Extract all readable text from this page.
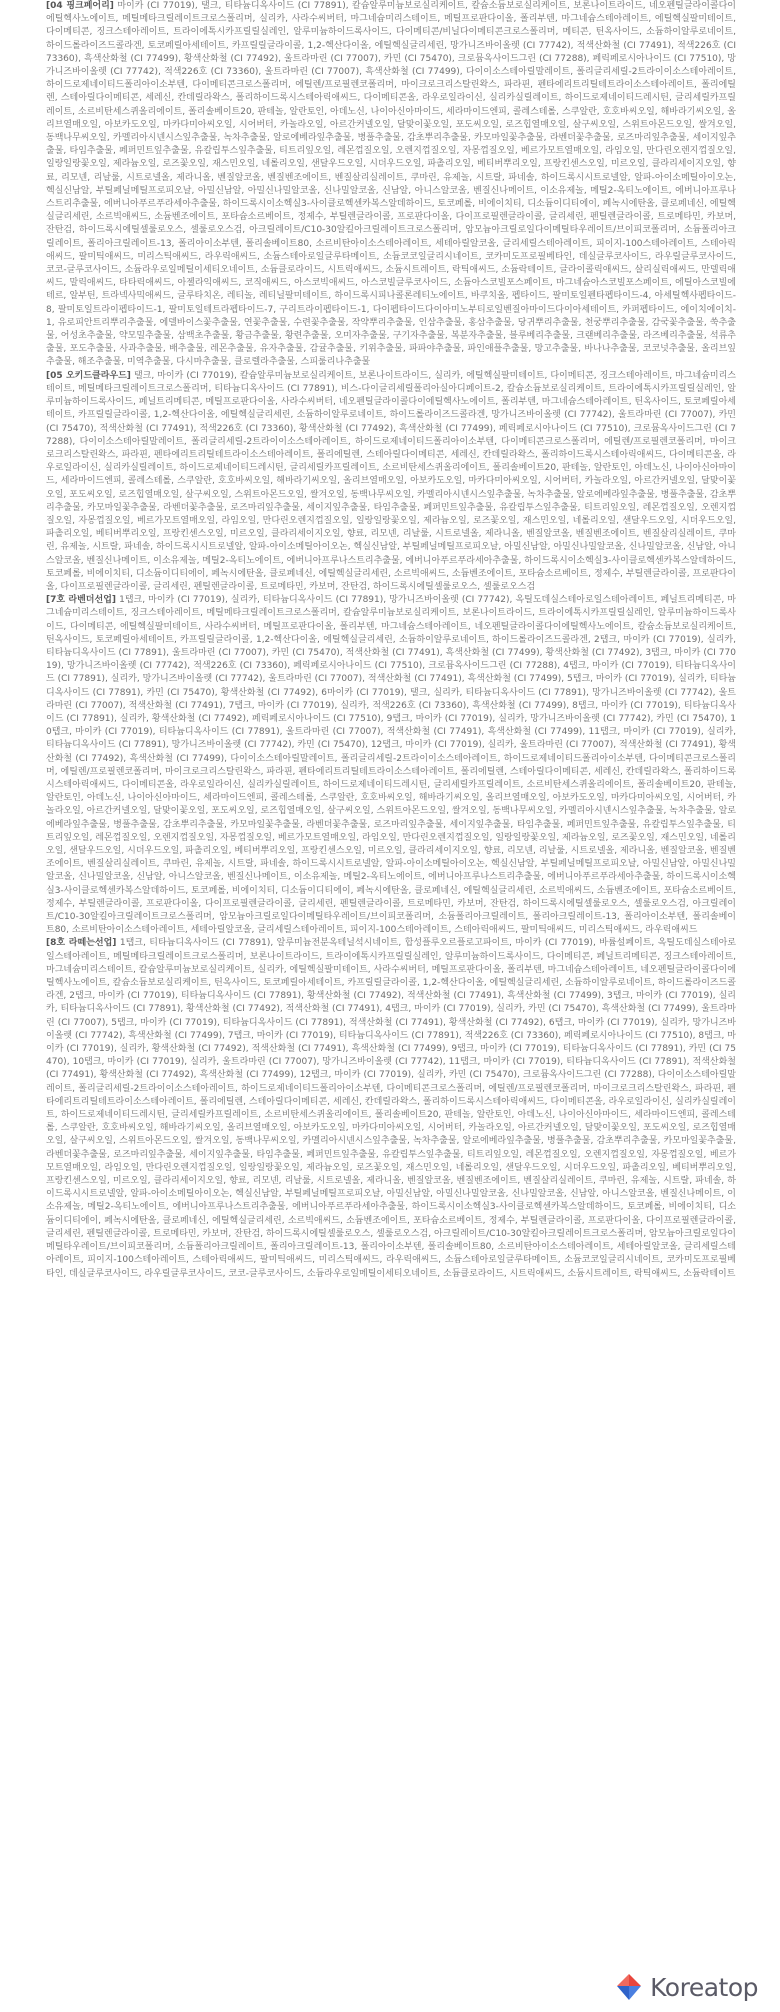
[04 핑크페어리] 마이카 (CI 77019), 탤크, 티타늄디옥사이드 (CI 77891), 칼슘알루미늄보로실리케이트, 칼슘소듐보로실리케이트, 보론나이트라이드, 네오펜틸글라이콜다이에틸헥사노에이트, 메틸메타크릴레이트크로스폴리머, 실리카, 사라수씨버터, 마그네슘미리스테이트, 메틸프로판다이올, 폴리부텐, 마그네슘스테아레이트, 에틸헥실팔미테이트, 다이메티콘, 징크스테아레이트, 트라이에톡시카프릴릴실레인, 알루미늄하이드록사이드, 다이메티콘/비닐다이메티콘크로스폴리머, 메티콘, 틴옥사이드, 소듐하이알루로네이트, 하이드롤라이즈드콜라겐, 토코페릴아세테이트, 카프릴릴글라이콜, 1,2-헥산다이올, 에틸헥실글리세린, 망가니즈바이올렛 (CI 77742), 적색산화철 (CI 77491), 적색226호 (CI 73360), 흑색산화철 (CI 77499), 황색산화철 (CI 77492), 울트라마린 (CI 77007), 카민 (CI 75470), 크로뮴옥사이드그린 (CI 77288), 페릭페로시아나이드 (CI 77510), 망가니즈바이올렛 (CI 77742), 적색226호 (CI 73360), 울트라마린 (CI 77007), 흑색산화철 (CI 77499), 다이이소스테아릴말레이트, 폴리글리세릴-2트라이이소스테아레이트, 하이드로제네이티드폴리아이소부텐, 다이메티콘크로스폴리머, 에틸렌/프로필렌코폴리머, 마이크로크리스탈린왁스, 파라핀, 펜타에리트리틸테트라이소스테아레이트, 폴리에틸렌, 스테아릴다이메티콘, 세레신, 칸데릴라왁스, 폴리하이드록시스테아릭애씨드, 다이메티콘올, 라우로일라이신, 실리카실릴레이트, 하이드로제네이티드레시틴, 글리세릴카프릴레이트, 소르비탄세스퀴올리에이트, 폴리솔베이트20, 판테놀, 알란토인, 아데노신, 나이아신아마이드, 세라마이드엔피, 콜레스테롤, 스쿠알란, 호호바씨오일, 해바라기씨오일, 올리브열매오일, 아보카도오일, 마카다미아씨오일, 시어버터, 카놀라오일, 아르간커넬오일, 달맞이꽃오일, 포도씨오일, 로즈힙열매오일, 살구씨오일, 스위트아몬드오일, 쌀겨오일, 동백나무씨오일, 카멜리아시넨시스잎추출물, 녹차추출물, 알로에베라잎추출물, 병풀추출물, 감초뿌리추출물, 카모마일꽃추출물, 라벤더꽃추출물, 로즈마리잎추출물, 세이지잎추출물, 타임추출물, 페퍼민트잎추출물, 유칼립투스잎추출물, 티트리잎오일, 레몬껍질오일, 오렌지껍질오일, 자몽껍질오일, 베르가모트열매오일, 라임오일, 만다린오렌지껍질오일, 일랑일랑꽃오일, 제라늄오일, 로즈꽃오일, 재스민오일, 네롤리오일, 샌달우드오일, 시더우드오일, 파촐리오일, 베티버뿌리오일, 프랑킨센스오일, 미르오일, 클라리세이지오일, 향료, 리모넨, 리날룰, 시트로넬올, 제라니올, 벤질알코올, 벤질벤조에이트, 벤질살리실레이트, 쿠마린, 유제놀, 시트랄, 파네솔, 하이드록시시트로넬알, 알파-아이소메틸아이오논, 헥실신남알, 부틸페닐메틸프로피오날, 아밀신남알, 아밀신나밀알코올, 신나밀알코올, 신남알, 아니스알코올, 벤질신나메이트, 이소유제놀, 메틸2-옥티노에이트, 에버니아프루나스트리추출물, 에버니아푸르푸라세아추출물, 하이드록시이소헥실3-사이클로헥센카복스알데하이드, 토코페롤, 비에이치티, 디소듐이디티에이, 페녹시에탄올, 클로페네신, 에틸헥실글리세린, 소르빅애씨드, 소듐벤조에이트, 포타슘소르베이트, 정제수, 부틸렌글라이콜, 프로판다이올, 다이프로필렌글라이콜, 글리세린, 펜틸렌글라이콜, 트로메타민, 카보머, 잔탄검, 하이드록시에틸셀룰로오스, 셀룰로오스검, 아크릴레이트/C10-30알킬아크릴레이트크로스폴리머, 암모늄아크릴로일다이메틸타우레이트/브이피코폴리머, 소듐폴리아크릴레이트, 폴리아크릴레이트-13, 폴리아이소부텐, 폴리솔베이트80, 소르비탄아이소스테아레이트, 세테아릴알코올, 글리세릴스테아레이트, 피이지-100스테아레이트, 스테아릭애씨드, 팔미틱애씨드, 미리스틱애씨드, 라우릭애씨드, 소듐스테아로일글루타메이트, 소듐코코일글리시네이트, 코카미도프로필베타인, 데실글루코사이드, 라우릴글루코사이드, 코코-글루코사이드, 소듐라우로일메틸이세티오네이트, 소듐클로라이드, 시트릭애씨드, 소듐시트레이트, 락틱애씨드, 소듐락테이트, 글라이콜릭애씨드, 살리실릭애씨드, 만델릭애씨드, 말릭애씨드, 타타릭애씨드, 아젤라익애씨드, 코직애씨드, 아스코빅애씨드, 아스코빌글루코사이드, 소듐아스코빌포스페이트, 마그네슘아스코빌포스페이트, 에틸아스코빌에테르, 알부틴, 트라넥사믹애씨드, 글루타치온, 레티놀, 레티닐팔미테이트, 하이드록시피나콜론레티노에이트, 바쿠치올, 펩타이드, 팔미토일펜타펩타이드-4, 아세틸헥사펩타이드-8, 팔미토일트라이펩타이드-1, 팔미토일테트라펩타이드-7, 구리트라이펩타이드-1, 다이펩타이드다이아미노부티로일벤질아마이드다이아세테이트, 카퍼펩타이드, 에이치에이치-1, 유로피안트리뿌리추출물, 에델바이스꽃추출물, 연꽃추출물, 수련꽃추출물, 작약뿌리추출물, 인삼추출물, 홍삼추출물, 당귀뿌리추출물, 천궁뿌리추출물, 감국꽃추출물, 쑥추출물, 어성초추출물, 약모밀추출물, 삼백초추출물, 황금추출물, 황련추출물, 오미자추출물, 구기자추출물, 복분자추출물, 블루베리추출물, 크랜베리추출물, 라즈베리추출물, 석류추출물, 포도추출물, 사과추출물, 배추출물, 레몬추출물, 유자추출물, 감귤추출물, 키위추출물, 파파야추출물, 파인애플추출물, 망고추출물, 바나나추출물, 코코넛추출물, 올리브잎추출물, 해조추출물, 미역추출물, 다시마추출물, 클로렐라추출물, 스피룰리나추출물

[05 오키드클라우드] 탤크, 마이카 (CI 77019), 칼슘알루미늄보로실리케이트, 보론나이트라이드, 실리카, 에틸헥실팔미테이트, 다이메티콘, 징크스테아레이트, 마그네슘미리스테이트, 메틸메타크릴레이트크로스폴리머, 티타늄디옥사이드 (CI 77891), 비스-다이글리세릴폴리아실아디페이트-2, 칼슘소듐보로실리케이트, 트라이에톡시카프릴릴실레인, 알루미늄하이드록사이드, 페닐트리메티콘, 메틸프로판다이올, 사라수씨버터, 네오펜틸글라이콜다이에틸헥사노에이트, 폴리부텐, 마그네슘스테아레이트, 틴옥사이드, 토코페릴아세테이트, 카프릴릴글라이콜, 1,2-헥산다이올, 에틸헥실글리세린, 소듐하이알루로네이트, 하이드롤라이즈드콜라겐, 망가니즈바이올렛 (CI 77742), 울트라마린 (CI 77007), 카민 (CI 75470), 적색산화철 (CI 77491), 적색226호 (CI 73360), 황색산화철 (CI 77492), 흑색산화철 (CI 77499), 페릭페로시아나이드 (CI 77510), 크로뮴옥사이드그린 (CI 77288), 다이이소스테아릴말레이트, 폴리글리세릴-2트라이이소스테아레이트, 하이드로제네이티드폴리아이소부텐, 다이메티콘크로스폴리머, 에틸렌/프로필렌코폴리머, 마이크로크리스탈린왁스, 파라핀, 펜타에리트리틸테트라이소스테아레이트, 폴리에틸렌, 스테아릴다이메티콘, 세레신, 칸데릴라왁스, 폴리하이드록시스테아릭애씨드, 다이메티콘올, 라우로일라이신, 실리카실릴레이트, 하이드로제네이티드레시틴, 글리세릴카프릴레이트, 소르비탄세스퀴올리에이트, 폴리솔베이트20, 판테놀, 알란토인, 아데노신, 나이아신아마이드, 세라마이드엔피, 콜레스테롤, 스쿠알란, 호호바씨오일, 해바라기씨오일, 올리브열매오일, 아보카도오일, 마카다미아씨오일, 시어버터, 카놀라오일, 아르간커넬오일, 달맞이꽃오일, 포도씨오일, 로즈힙열매오일, 살구씨오일, 스위트아몬드오일, 쌀겨오일, 동백나무씨오일, 카멜리아시넨시스잎추출물, 녹차추출물, 알로에베라잎추출물, 병풀추출물, 감초뿌리추출물, 카모마일꽃추출물, 라벤더꽃추출물, 로즈마리잎추출물, 세이지잎추출물, 타임추출물, 페퍼민트잎추출물, 유칼립투스잎추출물, 티트리잎오일, 레몬껍질오일, 오렌지껍질오일, 자몽껍질오일, 베르가모트열매오일, 라임오일, 만다린오렌지껍질오일, 일랑일랑꽃오일, 제라늄오일, 로즈꽃오일, 재스민오일, 네롤리오일, 샌달우드오일, 시더우드오일, 파촐리오일, 베티버뿌리오일, 프랑킨센스오일, 미르오일, 클라리세이지오일, 향료, 리모넨, 리날룰, 시트로넬올, 제라니올, 벤질알코올, 벤질벤조에이트, 벤질살리실레이트, 쿠마린, 유제놀, 시트랄, 파네솔, 하이드록시시트로넬알, 알파-아이소메틸아이오논, 헥실신남알, 부틸페닐메틸프로피오날, 아밀신남알, 아밀신나밀알코올, 신나밀알코올, 신남알, 아니스알코올, 벤질신나메이트, 이소유제놀, 메틸2-옥티노에이트, 에버니아프루나스트리추출물, 에버니아푸르푸라세아추출물, 하이드록시이소헥실3-사이클로헥센카복스알데하이드, 토코페롤, 비에이치티, 디소듐이디티에이, 페녹시에탄올, 클로페네신, 에틸헥실글리세린, 소르빅애씨드, 소듐벤조에이트, 포타슘소르베이트, 정제수, 부틸렌글라이콜, 프로판다이올, 다이프로필렌글라이콜, 글리세린, 펜틸렌글라이콜, 트로메타민, 카보머, 잔탄검, 하이드록시에틸셀룰로오스, 셀룰로오스검

[7호 라벤더선업] 1탭크, 마이카 (CI 77019), 실리카, 티타늄디옥사이드 (CI 77891), 망가니즈바이올렛 (CI 77742), 옥틸도데실스테아로일스테아레이트, 페닐트리메티콘, 마그네슘미리스테이트, 징크스테아레이트, 메틸메타크릴레이트크로스폴리머, 칼슘알루미늄보로실리케이트, 보론나이트라이드, 트라이에톡시카프릴릴실레인, 알루미늄하이드록사이드, 다이메티콘, 에틸헥실팔미테이트, 사라수씨버터, 메틸프로판다이올, 폴리부텐, 마그네슘스테아레이트, 네오펜틸글라이콜다이에틸헥사노에이트, 칼슘소듐보로실리케이트, 틴옥사이드, 토코페릴아세테이트, 카프릴릴글라이콜, 1,2-헥산다이올, 에틸헥실글리세린, 소듐하이알루로네이트, 하이드롤라이즈드콜라겐, 2탭크, 마이카 (CI 77019), 실리카, 티타늄디옥사이드 (CI 77891), 울트라마린 (CI 77007), 카민 (CI 75470), 적색산화철 (CI 77491), 흑색산화철 (CI 77499), 황색산화철 (CI 77492), 3탭크, 마이카 (CI 77019), 망가니즈바이올렛 (CI 77742), 적색226호 (CI 73360), 페릭페로시아나이드 (CI 77510), 크로뮴옥사이드그린 (CI 77288), 4탭크, 마이카 (CI 77019), 티타늄디옥사이드 (CI 77891), 실리카, 망가니즈바이올렛 (CI 77742), 울트라마린 (CI 77007), 적색산화철 (CI 77491), 흑색산화철 (CI 77499), 5탭크, 마이카 (CI 77019), 실리카, 티타늄디옥사이드 (CI 77891), 카민 (CI 75470), 황색산화철 (CI 77492), 6마이카 (CI 77019), 탤크, 실리카, 티타늄디옥사이드 (CI 77891), 망가니즈바이올렛 (CI 77742), 울트라마린 (CI 77007), 적색산화철 (CI 77491), 7탭크, 마이카 (CI 77019), 실리카, 적색226호 (CI 73360), 흑색산화철 (CI 77499), 8탭크, 마이카 (CI 77019), 티타늄디옥사이드 (CI 77891), 실리카, 황색산화철 (CI 77492), 페릭페로시아나이드 (CI 77510), 9탭크, 마이카 (CI 77019), 실리카, 망가니즈바이올렛 (CI 77742), 카민 (CI 75470), 10탭크, 마이카 (CI 77019), 티타늄디옥사이드 (CI 77891), 울트라마린 (CI 77007), 적색산화철 (CI 77491), 흑색산화철 (CI 77499), 11탭크, 마이카 (CI 77019), 실리카, 티타늄디옥사이드 (CI 77891), 망가니즈바이올렛 (CI 77742), 카민 (CI 75470), 12탭크, 마이카 (CI 77019), 실리카, 울트라마린 (CI 77007), 적색산화철 (CI 77491), 황색산화철 (CI 77492), 흑색산화철 (CI 77499), 다이이소스테아릴말레이트, 폴리글리세릴-2트라이이소스테아레이트, 하이드로제네이티드폴리아이소부텐, 다이메티콘크로스폴리머, 에틸렌/프로필렌코폴리머, 마이크로크리스탈린왁스, 파라핀, 펜타에리트리틸테트라이소스테아레이트, 폴리에틸렌, 스테아릴다이메티콘, 세레신, 칸데릴라왁스, 폴리하이드록시스테아릭애씨드, 다이메티콘올, 라우로일라이신, 실리카실릴레이트, 하이드로제네이티드레시틴, 글리세릴카프릴레이트, 소르비탄세스퀴올리에이트, 폴리솔베이트20, 판테놀, 알란토인, 아데노신, 나이아신아마이드, 세라마이드엔피, 콜레스테롤, 스쿠알란, 호호바씨오일, 해바라기씨오일, 올리브열매오일, 아보카도오일, 마카다미아씨오일, 시어버터, 카놀라오일, 아르간커넬오일, 달맞이꽃오일, 포도씨오일, 로즈힙열매오일, 살구씨오일, 스위트아몬드오일, 쌀겨오일, 동백나무씨오일, 카멜리아시넨시스잎추출물, 녹차추출물, 알로에베라잎추출물, 병풀추출물, 감초뿌리추출물, 카모마일꽃추출물, 라벤더꽃추출물, 로즈마리잎추출물, 세이지잎추출물, 타임추출물, 페퍼민트잎추출물, 유칼립투스잎추출물, 티트리잎오일, 레몬껍질오일, 오렌지껍질오일, 자몽껍질오일, 베르가모트열매오일, 라임오일, 만다린오렌지껍질오일, 일랑일랑꽃오일, 제라늄오일, 로즈꽃오일, 재스민오일, 네롤리오일, 샌달우드오일, 시더우드오일, 파촐리오일, 베티버뿌리오일, 프랑킨센스오일, 미르오일, 클라리세이지오일, 향료, 리모넨, 리날룰, 시트로넬올, 제라니올, 벤질알코올, 벤질벤조에이트, 벤질살리실레이트, 쿠마린, 유제놀, 시트랄, 파네솔, 하이드록시시트로넬알, 알파-아이소메틸아이오논, 헥실신남알, 부틸페닐메틸프로피오날, 아밀신남알, 아밀신나밀알코올, 신나밀알코올, 신남알, 아니스알코올, 벤질신나메이트, 이소유제놀, 메틸2-옥티노에이트, 에버니아프루나스트리추출물, 에버니아푸르푸라세아추출물, 하이드록시이소헥실3-사이클로헥센카복스알데하이드, 토코페롤, 비에이치티, 디소듐이디티에이, 페녹시에탄올, 클로페네신, 에틸헥실글리세린, 소르빅애씨드, 소듐벤조에이트, 포타슘소르베이트, 정제수, 부틸렌글라이콜, 프로판다이올, 다이프로필렌글라이콜, 글리세린, 펜틸렌글라이콜, 트로메타민, 카보머, 잔탄검, 하이드록시에틸셀룰로오스, 셀룰로오스검, 아크릴레이트/C10-30알킬아크릴레이트크로스폴리머, 암모늄아크릴로일다이메틸타우레이트/브이피코폴리머, 소듐폴리아크릴레이트, 폴리아크릴레이트-13, 폴리아이소부텐, 폴리솔베이트80, 소르비탄아이소스테아레이트, 세테아릴알코올, 글리세릴스테아레이트, 피이지-100스테아레이트, 스테아릭애씨드, 팔미틱애씨드, 미리스틱애씨드, 라우릭애씨드

[8호 라떼는선업] 1탭크, 티타늄디옥사이드 (CI 77891), 알루미늄전분옥테닐석시네이트, 합성플루오르플로고파이트, 마이카 (CI 77019), 바륨설페이트, 옥틸도데실스테아로일스테아레이트, 메틸메타크릴레이트크로스폴리머, 보론나이트라이드, 트라이에톡시카프릴릴실레인, 알루미늄하이드록사이드, 다이메티콘, 페닐트리메티콘, 징크스테아레이트, 마그네슘미리스테이트, 칼슘알루미늄보로실리케이트, 실리카, 에틸헥실팔미테이트, 사라수씨버터, 메틸프로판다이올, 폴리부텐, 마그네슘스테아레이트, 네오펜틸글라이콜다이에틸헥사노에이트, 칼슘소듐보로실리케이트, 틴옥사이드, 토코페릴아세테이트, 카프릴릴글라이콜, 1,2-헥산다이올, 에틸헥실글리세린, 소듐하이알루로네이트, 하이드롤라이즈드콜라겐, 2탭크, 마이카 (CI 77019), 티타늄디옥사이드 (CI 77891), 황색산화철 (CI 77492), 적색산화철 (CI 77491), 흑색산화철 (CI 77499), 3탭크, 마이카 (CI 77019), 실리카, 티타늄디옥사이드 (CI 77891), 황색산화철 (CI 77492), 적색산화철 (CI 77491), 4탭크, 마이카 (CI 77019), 실리카, 카민 (CI 75470), 흑색산화철 (CI 77499), 울트라마린 (CI 77007), 5탭크, 마이카 (CI 77019), 티타늄디옥사이드 (CI 77891), 적색산화철 (CI 77491), 황색산화철 (CI 77492), 6탭크, 마이카 (CI 77019), 실리카, 망가니즈바이올렛 (CI 77742), 흑색산화철 (CI 77499), 7탭크, 마이카 (CI 77019), 티타늄디옥사이드 (CI 77891), 적색226호 (CI 73360), 페릭페로시아나이드 (CI 77510), 8탭크, 마이카 (CI 77019), 실리카, 황색산화철 (CI 77492), 적색산화철 (CI 77491), 흑색산화철 (CI 77499), 9탭크, 마이카 (CI 77019), 티타늄디옥사이드 (CI 77891), 카민 (CI 75470), 10탭크, 마이카 (CI 77019), 실리카, 울트라마린 (CI 77007), 망가니즈바이올렛 (CI 77742), 11탭크, 마이카 (CI 77019), 티타늄디옥사이드 (CI 77891), 적색산화철 (CI 77491), 황색산화철 (CI 77492), 흑색산화철 (CI 77499), 12탭크, 마이카 (CI 77019), 실리카, 카민 (CI 75470), 크로뮴옥사이드그린 (CI 77288), 다이이소스테아릴말레이트, 폴리글리세릴-2트라이이소스테아레이트, 하이드로제네이티드폴리아이소부텐, 다이메티콘크로스폴리머, 에틸렌/프로필렌코폴리머, 마이크로크리스탈린왁스, 파라핀, 펜타에리트리틸테트라이소스테아레이트, 폴리에틸렌, 스테아릴다이메티콘, 세레신, 칸데릴라왁스, 폴리하이드록시스테아릭애씨드, 다이메티콘올, 라우로일라이신, 실리카실릴레이트, 하이드로제네이티드레시틴, 글리세릴카프릴레이트, 소르비탄세스퀴올리에이트, 폴리솔베이트20, 판테놀, 알란토인, 아데노신, 나이아신아마이드, 세라마이드엔피, 콜레스테롤, 스쿠알란, 호호바씨오일, 해바라기씨오일, 올리브열매오일, 아보카도오일, 마카다미아씨오일, 시어버터, 카놀라오일, 아르간커넬오일, 달맞이꽃오일, 포도씨오일, 로즈힙열매오일, 살구씨오일, 스위트아몬드오일, 쌀겨오일, 동백나무씨오일, 카멜리아시넨시스잎추출물, 녹차추출물, 알로에베라잎추출물, 병풀추출물, 감초뿌리추출물, 카모마일꽃추출물, 라벤더꽃추출물, 로즈마리잎추출물, 세이지잎추출물, 타임추출물, 페퍼민트잎추출물, 유칼립투스잎추출물, 티트리잎오일, 레몬껍질오일, 오렌지껍질오일, 자몽껍질오일, 베르가모트열매오일, 라임오일, 만다린오렌지껍질오일, 일랑일랑꽃오일, 제라늄오일, 로즈꽃오일, 재스민오일, 네롤리오일, 샌달우드오일, 시더우드오일, 파촐리오일, 베티버뿌리오일, 프랑킨센스오일, 미르오일, 클라리세이지오일, 향료, 리모넨, 리날룰, 시트로넬올, 제라니올, 벤질알코올, 벤질벤조에이트, 벤질살리실레이트, 쿠마린, 유제놀, 시트랄, 파네솔, 하이드록시시트로넬알, 알파-아이소메틸아이오논, 헥실신남알, 부틸페닐메틸프로피오날, 아밀신남알, 아밀신나밀알코올, 신나밀알코올, 신남알, 아니스알코올, 벤질신나메이트, 이소유제놀, 메틸2-옥티노에이트, 에버니아프루나스트리추출물, 에버니아푸르푸라세아추출물, 하이드록시이소헥실3-사이클로헥센카복스알데하이드, 토코페롤, 비에이치티, 디소듐이디티에이, 페녹시에탄올, 클로페네신, 에틸헥실글리세린, 소르빅애씨드, 소듐벤조에이트, 포타슘소르베이트, 정제수, 부틸렌글라이콜, 프로판다이올, 다이프로필렌글라이콜, 글리세린, 펜틸렌글라이콜, 트로메타민, 카보머, 잔탄검, 하이드록시에틸셀룰로오스, 셀룰로오스검, 아크릴레이트/C10-30알킬아크릴레이트크로스폴리머, 암모늄아크릴로일다이메틸타우레이트/브이피코폴리머, 소듐폴리아크릴레이트, 폴리아크릴레이트-13, 폴리아이소부텐, 폴리솔베이트80, 소르비탄아이소스테아레이트, 세테아릴알코올, 글리세릴스테아레이트, 피이지-100스테아레이트, 스테아릭애씨드, 팔미틱애씨드, 미리스틱애씨드, 라우릭애씨드, 소듐스테아로일글루타메이트, 소듐코코일글리시네이트, 코카미도프로필베타인, 데실글루코사이드, 라우릴글루코사이드, 코코-글루코사이드, 소듐라우로일메틸이세티오네이트, 소듐클로라이드, 시트릭애씨드, 소듐시트레이트, 락틱애씨드, 소듐락테이트

Koreatop
